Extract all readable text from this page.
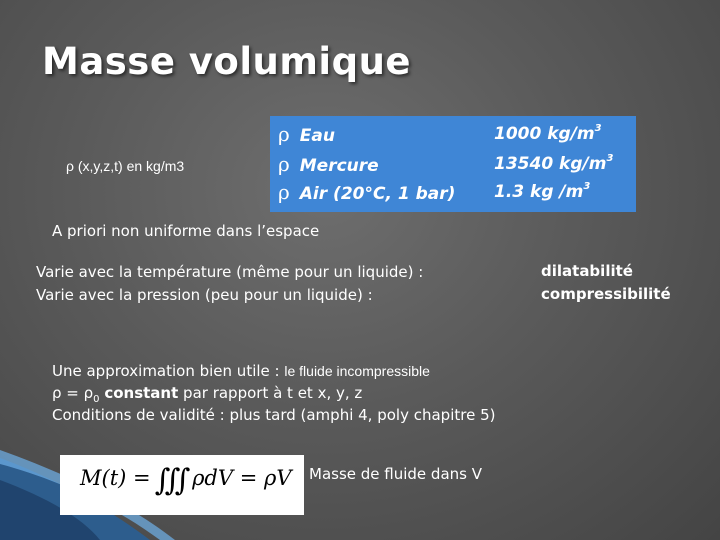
Masse volumique
ρ (x,y,z,t) en kg/m3
ρ Eau	1000 $kg/m^3$
ρ Mercure	13540 $kg/m^3$
ρ Air (20°C, 1 bar) 1.3 kg $/m^3$
A priori non uniforme dans l’espace
Varie avec la température (même pour un liquide) :
Varie avec la pression (peu pour un liquide) :
dilatabilité
compressibilité
Une approximation bien utile : le fluide incompressible
$\rho = \rho_0$ constant par rapport à t et x, y, z
Conditions de validité : plus tard (amphi 4, poly chapitre 5)
M(t) = ∭ ρdV = ρV Masse de fluide dans V
